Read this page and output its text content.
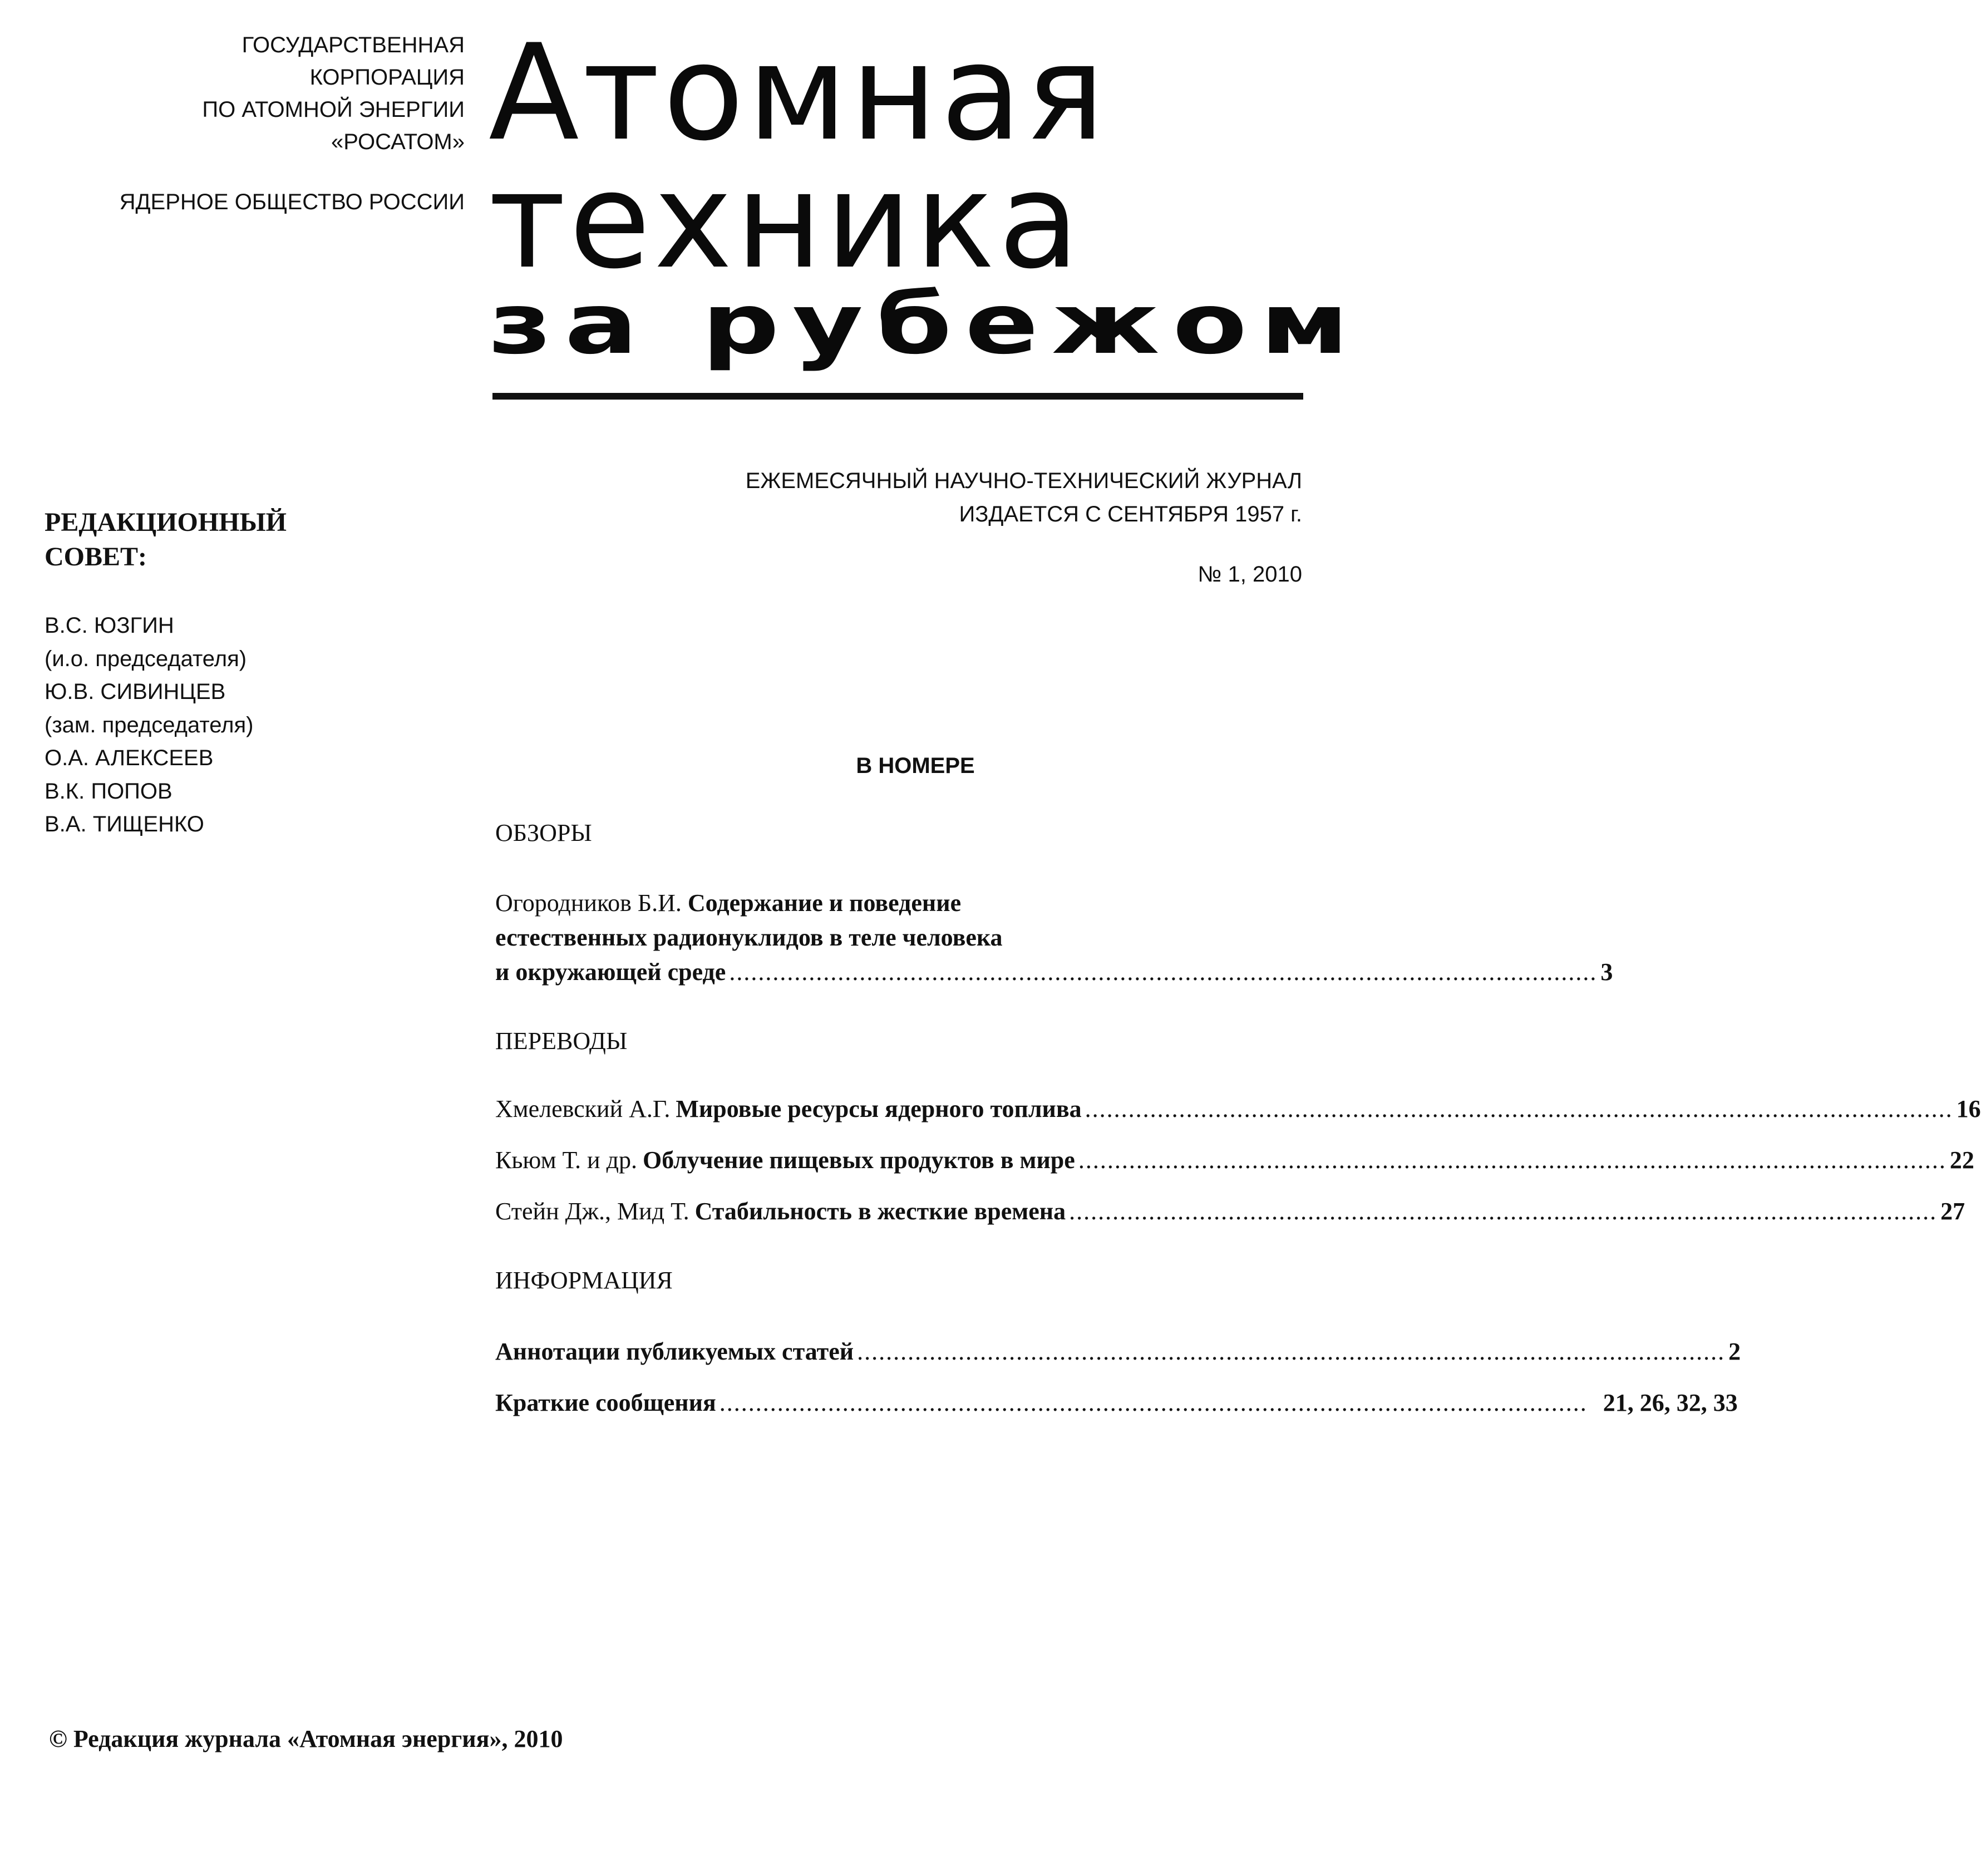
ГОСУДАРСТВЕННАЯ
КОРПОРАЦИЯ
ПО АТОМНОЙ ЭНЕРГИИ
«РОСАТОМ»
ЯДЕРНОЕ ОБЩЕСТВО РОССИИ
Атомная
техника
за рубежом
ЕЖЕМЕСЯЧНЫЙ НАУЧНО-ТЕХНИЧЕСКИЙ ЖУРНАЛ
ИЗДАЕТСЯ С СЕНТЯБРЯ 1957 г.
№ 1, 2010
РЕДАКЦИОННЫЙ
СОВЕТ:
В.С. ЮЗГИН
(и.о. председателя)
Ю.В. СИВИНЦЕВ
(зам. председателя)
О.А. АЛЕКСЕЕВ
В.К. ПОПОВ
В.А. ТИЩЕНКО
В НОМЕРЕ
ОБЗОРЫ
Огородников Б.И. Содержание и поведение
естественных радионуклидов в теле человека
и окружающей среде ........................................................................................................................ 3
ПЕРЕВОДЫ
Хмелевский А.Г. Мировые ресурсы ядерного топлива ........................................................................................................................ 16
Кьюм Т. и др. Облучение пищевых продуктов в мире ........................................................................................................................ 22
Стейн Дж., Мид Т. Стабильность в жесткие времена ........................................................................................................................ 27
ИНФОРМАЦИЯ
Аннотации публикуемых статей ........................................................................................................................ 2
Краткие сообщения ........................................................................................................................ 21, 26, 32, 33
© Редакция журнала «Атомная энергия», 2010
